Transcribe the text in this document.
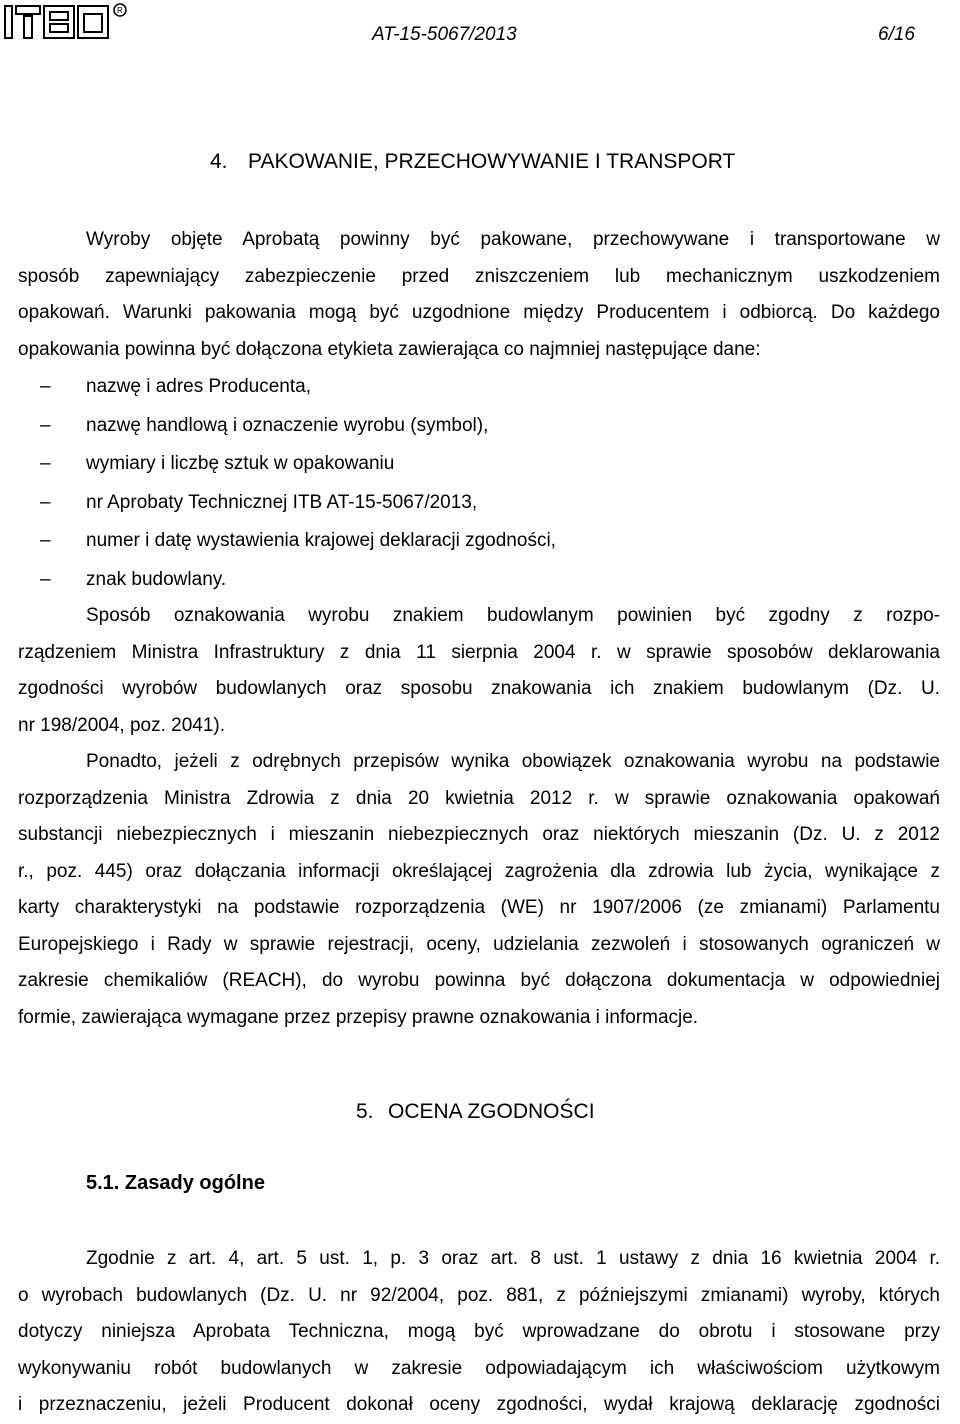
R
AT-15-5067/2013	6/16
4. PAKOWANIE, PRZECHOWYWANIE I TRANSPORT
Wyroby objęte Aprobatą powinny być pakowane, przechowywane i transportowane w
sposób zapewniający zabezpieczenie przed zniszczeniem lub mechanicznym uszkodzeniem
opakowań. Warunki pakowania mogą być uzgodnione między Producentem i odbiorcą. Do każdego
opakowania powinna być dołączona etykieta zawierająca co najmniej następujące dane:
– nazwę i adres Producenta,
– nazwę handlową i oznaczenie wyrobu (symbol),
– wymiary i liczbę sztuk w opakowaniu
– nr Aprobaty Technicznej ITB AT-15-5067/2013,
– numer i datę wystawienia krajowej deklaracji zgodności,
– znak budowlany.
Sposób oznakowania wyrobu znakiem budowlanym powinien być zgodny z rozpo-
rządzeniem Ministra Infrastruktury z dnia 11 sierpnia 2004 r. w sprawie sposobów deklarowania
zgodności wyrobów budowlanych oraz sposobu znakowania ich znakiem budowlanym (Dz. U.
nr 198/2004, poz. 2041).
Ponadto, jeżeli z odrębnych przepisów wynika obowiązek oznakowania wyrobu na podstawie
rozporządzenia Ministra Zdrowia z dnia 20 kwietnia 2012 r. w sprawie oznakowania opakowań
substancji niebezpiecznych i mieszanin niebezpiecznych oraz niektórych mieszanin (Dz. U. z 2012
r., poz. 445) oraz dołączania informacji określającej zagrożenia dla zdrowia lub życia, wynikające z
karty charakterystyki na podstawie rozporządzenia (WE) nr 1907/2006 (ze zmianami) Parlamentu
Europejskiego i Rady w sprawie rejestracji, oceny, udzielania zezwoleń i stosowanych ograniczeń w
zakresie chemikaliów (REACH), do wyrobu powinna być dołączona dokumentacja w odpowiedniej
formie, zawierająca wymagane przez przepisy prawne oznakowania i informacje.
5. OCENA ZGODNOŚCI
5.1. Zasady ogólne
Zgodnie z art. 4, art. 5 ust. 1, p. 3 oraz art. 8 ust. 1 ustawy z dnia 16 kwietnia 2004 r.
o wyrobach budowlanych (Dz. U. nr 92/2004, poz. 881, z późniejszymi zmianami) wyroby, których
dotyczy niniejsza Aprobata Techniczna, mogą być wprowadzane do obrotu i stosowane przy
wykonywaniu robót budowlanych w zakresie odpowiadającym ich właściwościom użytkowym
i przeznaczeniu, jeżeli Producent dokonał oceny zgodności, wydał krajową deklarację zgodności
